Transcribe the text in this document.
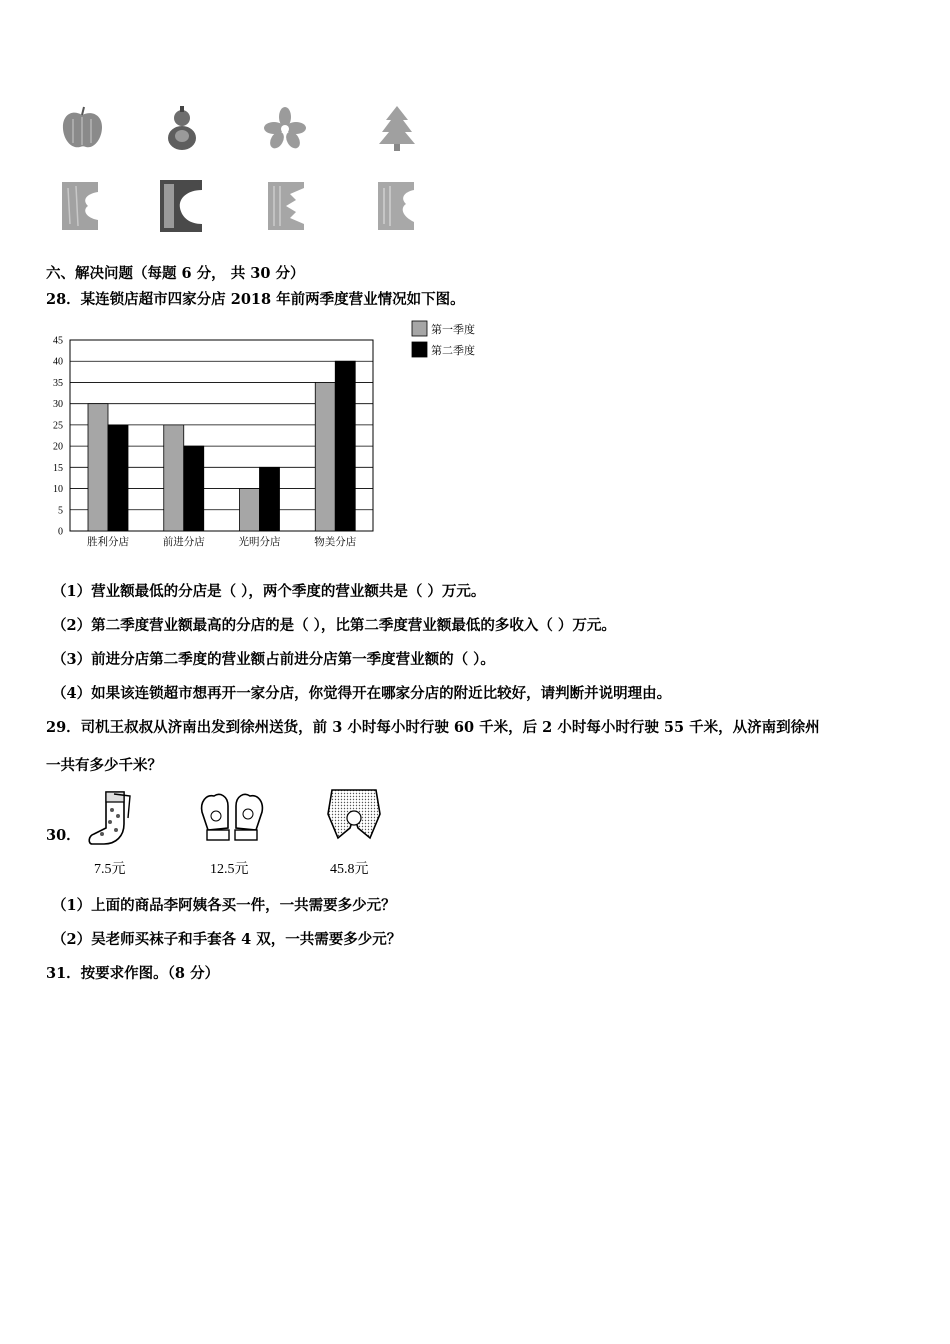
六、解决问题（每题 6 分， 共 30 分）
28．某连锁店超市四家分店 2018 年前两季度营业情况如下图。
0
5
10
15
20
25
30
35
40
45
胜利分店	前进分店	光明分店	物美分店
第一季度
第二季度
（1）营业额最低的分店是（ ），两个季度的营业额共是（ ）万元。
（2）第二季度营业额最高的分店的是（ ），比第二季度营业额最低的多收入（ ）万元。
（3）前进分店第二季度的营业额占前进分店第一季度营业额的（ ）。
（4）如果该连锁超市想再开一家分店，你觉得开在哪家分店的附近比较好，请判断并说明理由。
29．司机王叔叔从济南出发到徐州送货，前 3 小时每小时行驶 60 千米，后 2 小时每小时行驶 55 千米，从济南到徐州
一共有多少千米？
30．
7.5元	12.5元	45.8元
（1）上面的商品李阿姨各买一件，一共需要多少元？
（2）吴老师买袜子和手套各 4 双，一共需要多少元？
31．按要求作图。（8 分）
